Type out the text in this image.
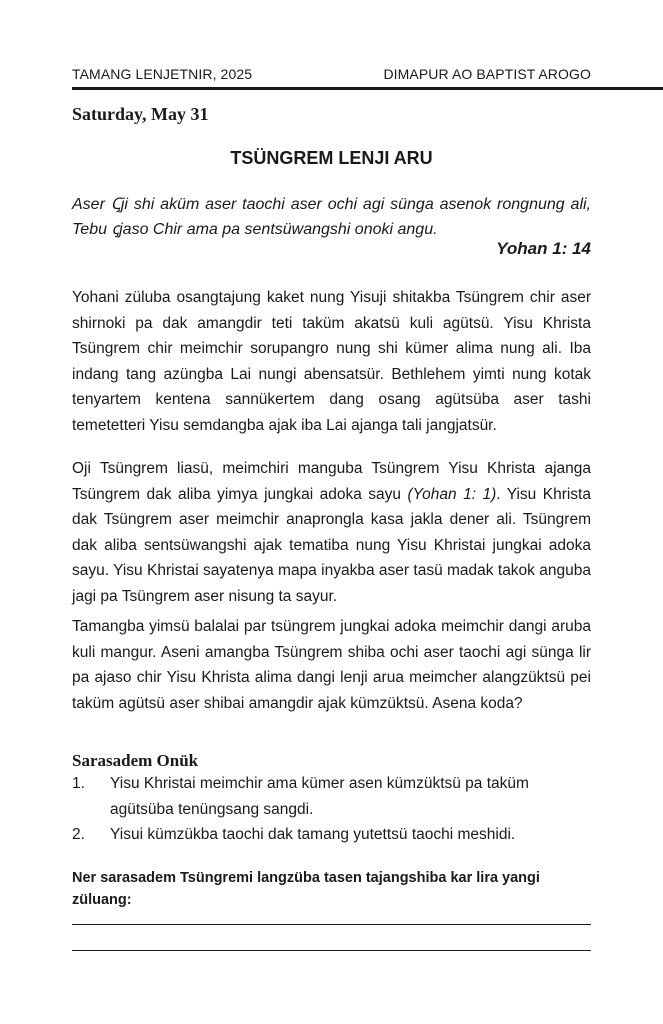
TAMANG LENJETNIR, 2025	DIMAPUR AO BAPTIST AROGO
Saturday, May 31
TSÜNGREM LENJI ARU
Aser Ꞔji shi aküm aser taochi aser ochi agi sünga asenok rongnung ali, Tebu ꞔjaso Chir ama pa sentsüwangshi onoki angu.
Yohan 1: 14
Yohani züluba osangtajung kaket nung Yisuji shitakba Tsüngrem chir aser shirnoki pa dak amangdir teti taküm akatsü kuli agütsü. Yisu Khrista Tsüngrem chir meimchir sorupangro nung shi kümer alima nung ali. Iba indang tang azüngba Lai nungi abensatsür. Bethlehem yimti nung kotak tenyartem kentena sannükertem dang osang agütsüba aser tashi temetetteri Yisu semdangba ajak iba Lai ajanga tali jangjatsür.
Oji Tsüngrem liasü, meimchiri manguba Tsüngrem Yisu Khrista ajanga Tsüngrem dak aliba yimya jungkai adoka sayu (Yohan 1: 1). Yisu Khrista dak Tsüngrem aser meimchir anaprongla kasa jakla dener ali. Tsüngrem dak aliba sentsüwangshi ajak tematiba nung Yisu Khristai jungkai adoka sayu. Yisu Khristai sayatenya mapa inyakba aser tasü madak takok anguba jagi pa Tsüngrem aser nisung ta sayur.
Tamangba yimsü balalai par tsüngrem jungkai adoka meimchir dangi aruba kuli mangur. Aseni amangba Tsüngrem shiba ochi aser taochi agi sünga lir pa ajaso chir Yisu Khrista alima dangi lenji arua meimcher alangzüktsü pei taküm agütsü aser shibai amangdir ajak kümzüktsü. Asena koda?
Sarasadem Onük
1. Yisu Khristai meimchir ama kümer asen kümzüktsü pa taküm agütsüba tenüngsang sangdi.
2. Yisui kümzükba taochi dak tamang yutettsü taochi meshidi.
Ner sarasadem Tsüngremi langzüba tasen tajangshiba kar lira yangi züluang:
